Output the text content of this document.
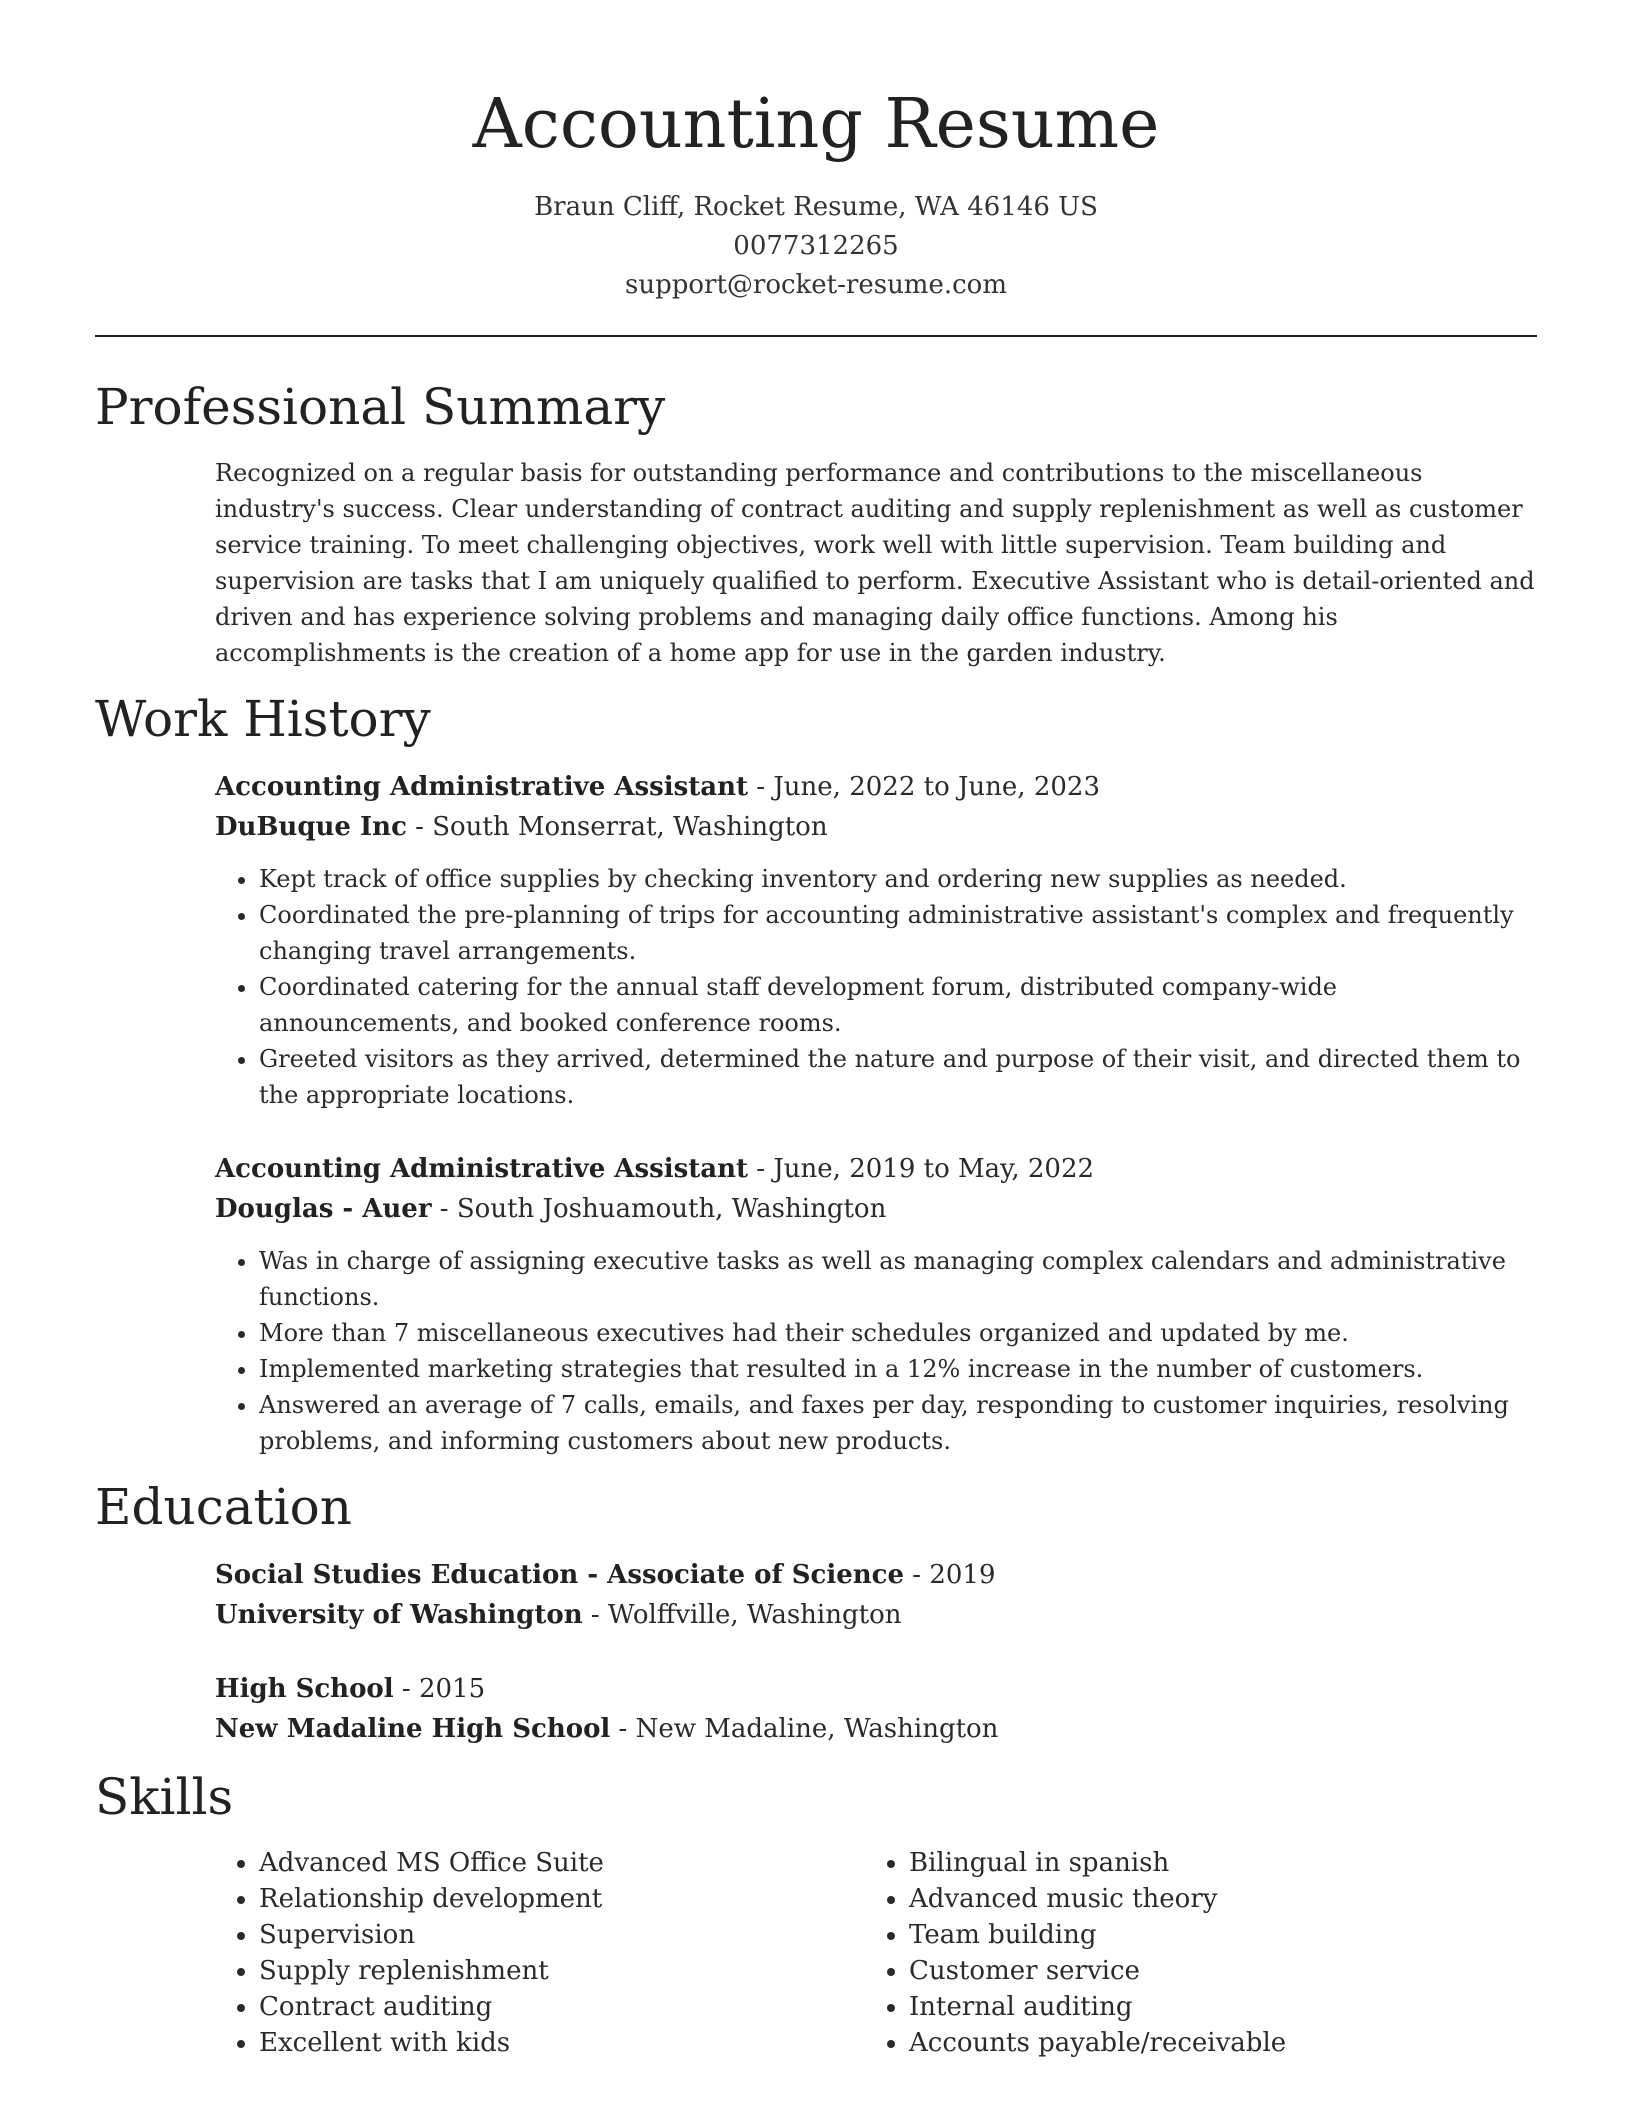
Accounting Resume
Braun Cliff, Rocket Resume, WA 46146 US
0077312265
support@rocket-resume.com
Professional Summary

Recognized on a regular basis for outstanding performance and contributions to the miscellaneous industry's success. Clear understanding of contract auditing and supply replenishment as well as customer service training. To meet challenging objectives, work well with little supervision. Team building and supervision are tasks that I am uniquely qualified to perform. Executive Assistant who is detail-oriented and driven and has experience solving problems and managing daily office functions. Among his accomplishments is the creation of a home app for use in the garden industry.

Work History
Accounting Administrative Assistant - June, 2022 to June, 2023
DuBuque Inc - South Monserrat, Washington
• Kept track of office supplies by checking inventory and ordering new supplies as needed.
• Coordinated the pre-planning of trips for accounting administrative assistant's complex and frequently changing travel arrangements.
• Coordinated catering for the annual staff development forum, distributed company-wide announcements, and booked conference rooms.
• Greeted visitors as they arrived, determined the nature and purpose of their visit, and directed them to the appropriate locations.
Accounting Administrative Assistant - June, 2019 to May, 2022
Douglas - Auer - South Joshuamouth, Washington
• Was in charge of assigning executive tasks as well as managing complex calendars and administrative functions.
• More than 7 miscellaneous executives had their schedules organized and updated by me.
• Implemented marketing strategies that resulted in a 12% increase in the number of customers.
• Answered an average of 7 calls, emails, and faxes per day, responding to customer inquiries, resolving problems, and informing customers about new products.
Education
Social Studies Education - Associate of Science - 2019
University of Washington - Wolffville, Washington
High School - 2015
New Madaline High School - New Madaline, Washington
Skills
• Advanced MS Office Suite
• Relationship development
• Supervision
• Supply replenishment
• Contract auditing
• Excellent with kids
• Bilingual in spanish
• Advanced music theory
• Team building
• Customer service
• Internal auditing
• Accounts payable/receivable
